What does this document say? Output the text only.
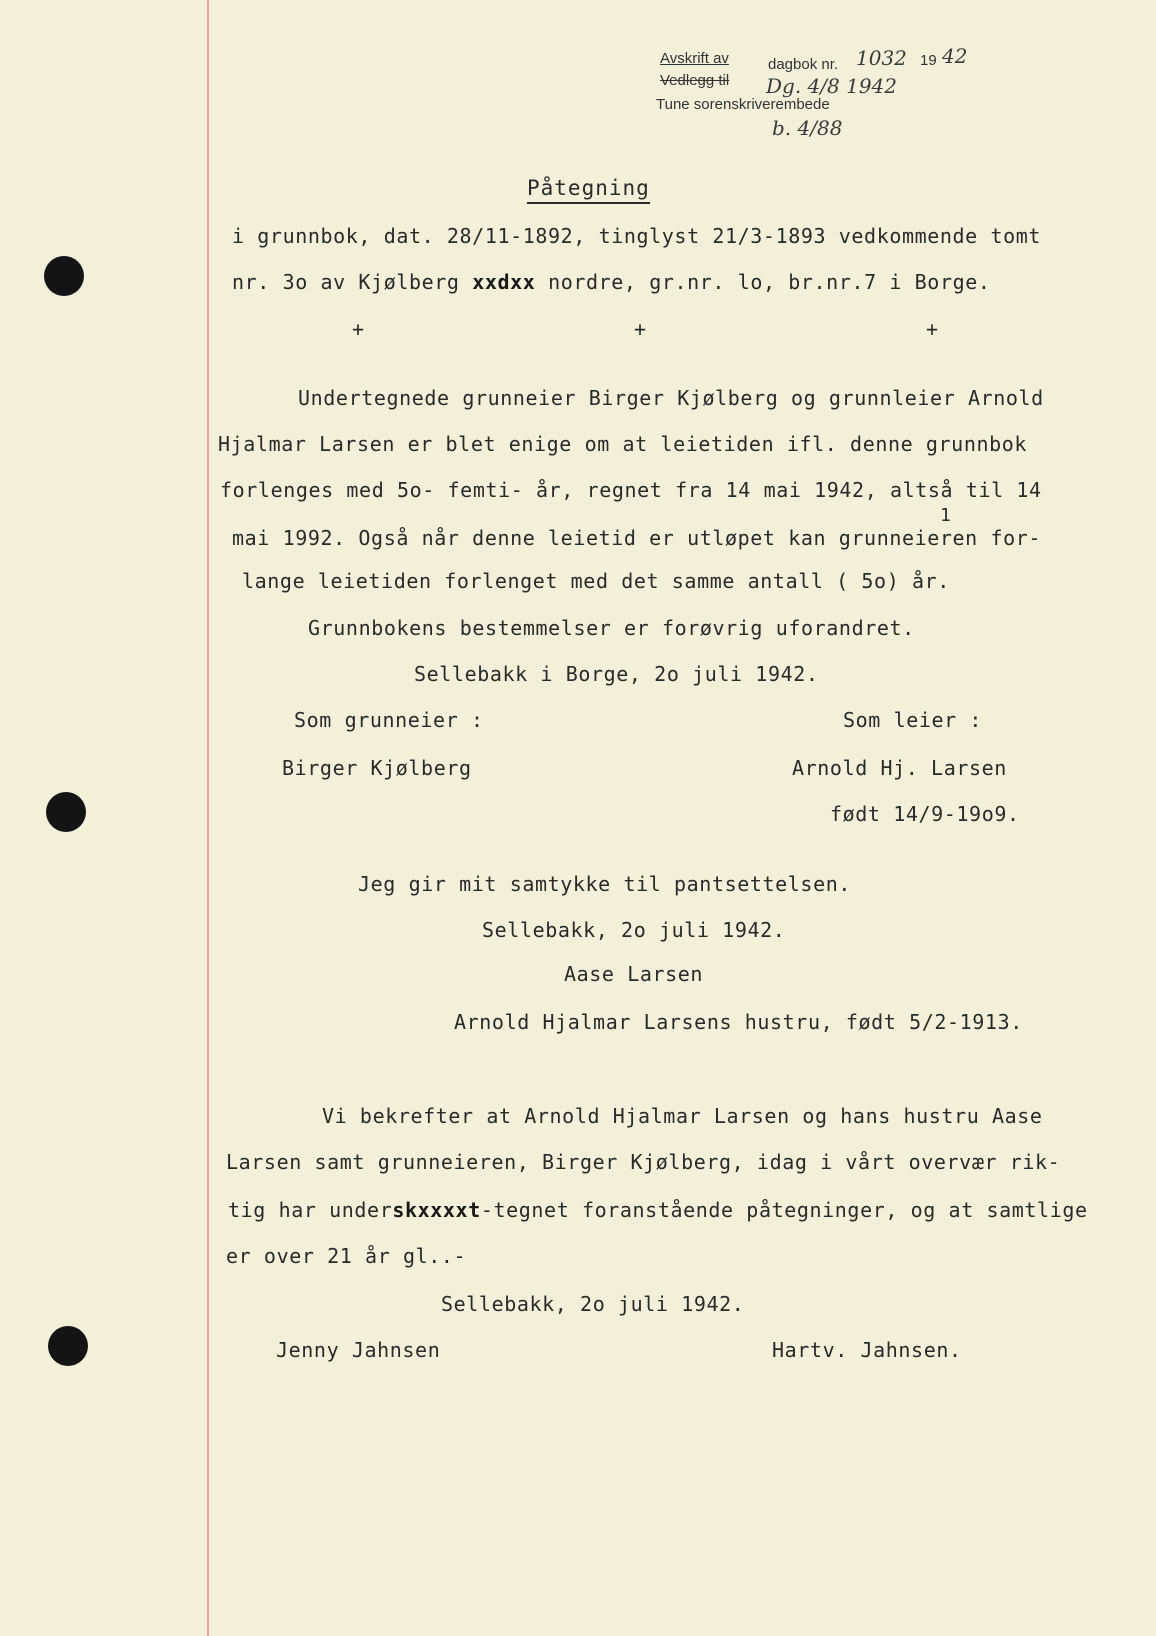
Avskrift av	dagbok nr. 1032 19 42
Vedlegg til Dg. 4/8 1942
Tune sorenskriverembede
b. 4/88
Påtegning
i grunnbok, dat. 28/11-1892, tinglyst 21/3-1893 vedkommende tomt
nr. 3o av Kjølberg xxdxx nordre, gr.nr. lo, br.nr.7 i Borge.
+	+	+
Undertegnede grunneier Birger Kjølberg og grunnleier Arnold
Hjalmar Larsen er blet enige om at leietiden ifl. denne grunnbok
forlenges med 5o- femti- år, regnet fra 14 mai 1942, altså til 14
1
mai 1992. Også når denne leietid er utløpet kan grunneieren for-
lange leietiden forlenget med det samme antall ( 5o) år.
Grunnbokens bestemmelser er forøvrig uforandret.
Sellebakk i Borge, 2o juli 1942.
Som grunneier :	Som leier :
Birger Kjølberg	Arnold Hj. Larsen
født 14/9-19o9.
Jeg gir mit samtykke til pantsettelsen.
Sellebakk, 2o juli 1942.
Aase Larsen
Arnold Hjalmar Larsens hustru, født 5/2-1913.
Vi bekrefter at Arnold Hjalmar Larsen og hans hustru Aase
Larsen samt grunneieren, Birger Kjølberg, idag i vårt overvær rik-
tig har underskxxxxt-tegnet foranstående påtegninger, og at samtlige
er over 21 år gl..-
Sellebakk, 2o juli 1942.
Jenny Jahnsen	Hartv. Jahnsen.
